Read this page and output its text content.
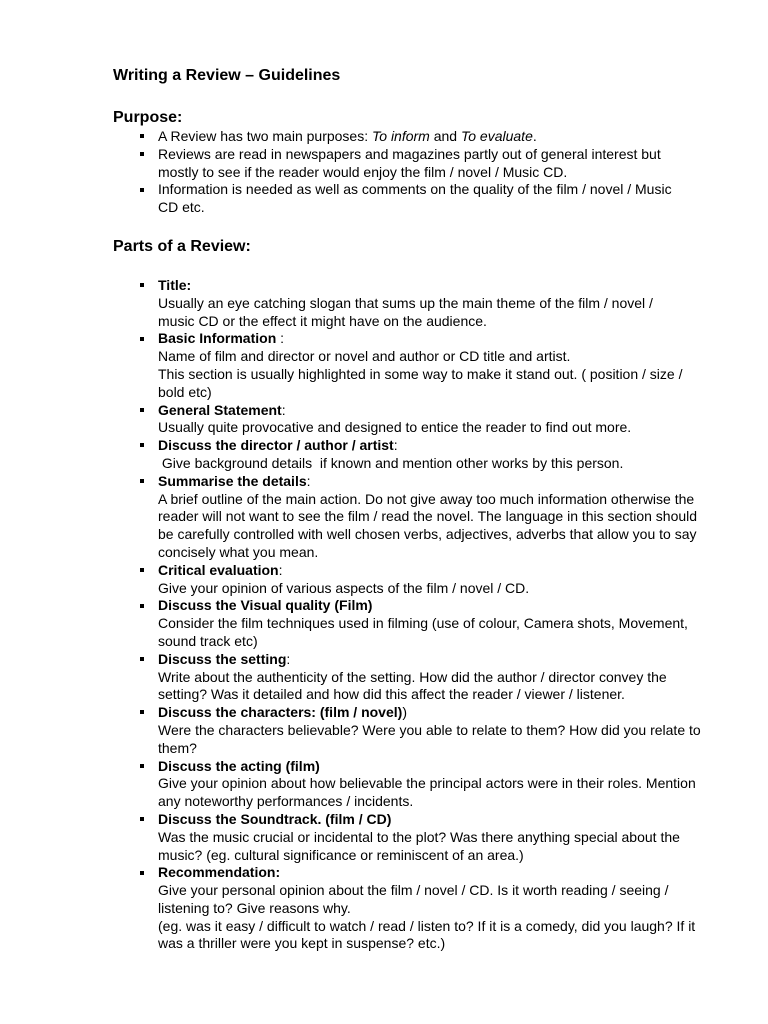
Writing a Review – Guidelines
Purpose:
A Review has two main purposes: To inform and To evaluate.
Reviews are read in newspapers and magazines partly out of general interest but
mostly to see if the reader would enjoy the film / novel / Music CD.
Information is needed as well as comments on the quality of the film / novel / Music
CD etc.
Parts of a Review:
Title:
Usually an eye catching slogan that sums up the main theme of the film / novel /
music CD or the effect it might have on the audience.
Basic Information :
Name of film and director or novel and author or CD title and artist.
This section is usually highlighted in some way to make it stand out. ( position / size /
bold etc)
General Statement:
Usually quite provocative and designed to entice the reader to find out more.
Discuss the director / author / artist:
Give background details  if known and mention other works by this person.
Summarise the details:
A brief outline of the main action. Do not give away too much information otherwise the
reader will not want to see the film / read the novel. The language in this section should
be carefully controlled with well chosen verbs, adjectives, adverbs that allow you to say
concisely what you mean.
Critical evaluation:
Give your opinion of various aspects of the film / novel / CD.
Discuss the Visual quality (Film)
Consider the film techniques used in filming (use of colour, Camera shots, Movement,
sound track etc)
Discuss the setting:
Write about the authenticity of the setting. How did the author / director convey the
setting? Was it detailed and how did this affect the reader / viewer / listener.
Discuss the characters: (film / novel))
Were the characters believable? Were you able to relate to them? How did you relate to
them?
Discuss the acting (film)
Give your opinion about how believable the principal actors were in their roles. Mention
any noteworthy performances / incidents.
Discuss the Soundtrack. (film / CD)
Was the music crucial or incidental to the plot? Was there anything special about the
music? (eg. cultural significance or reminiscent of an area.)
Recommendation:
Give your personal opinion about the film / novel / CD. Is it worth reading / seeing /
listening to? Give reasons why.
(eg. was it easy / difficult to watch / read / listen to? If it is a comedy, did you laugh? If it
was a thriller were you kept in suspense? etc.)
